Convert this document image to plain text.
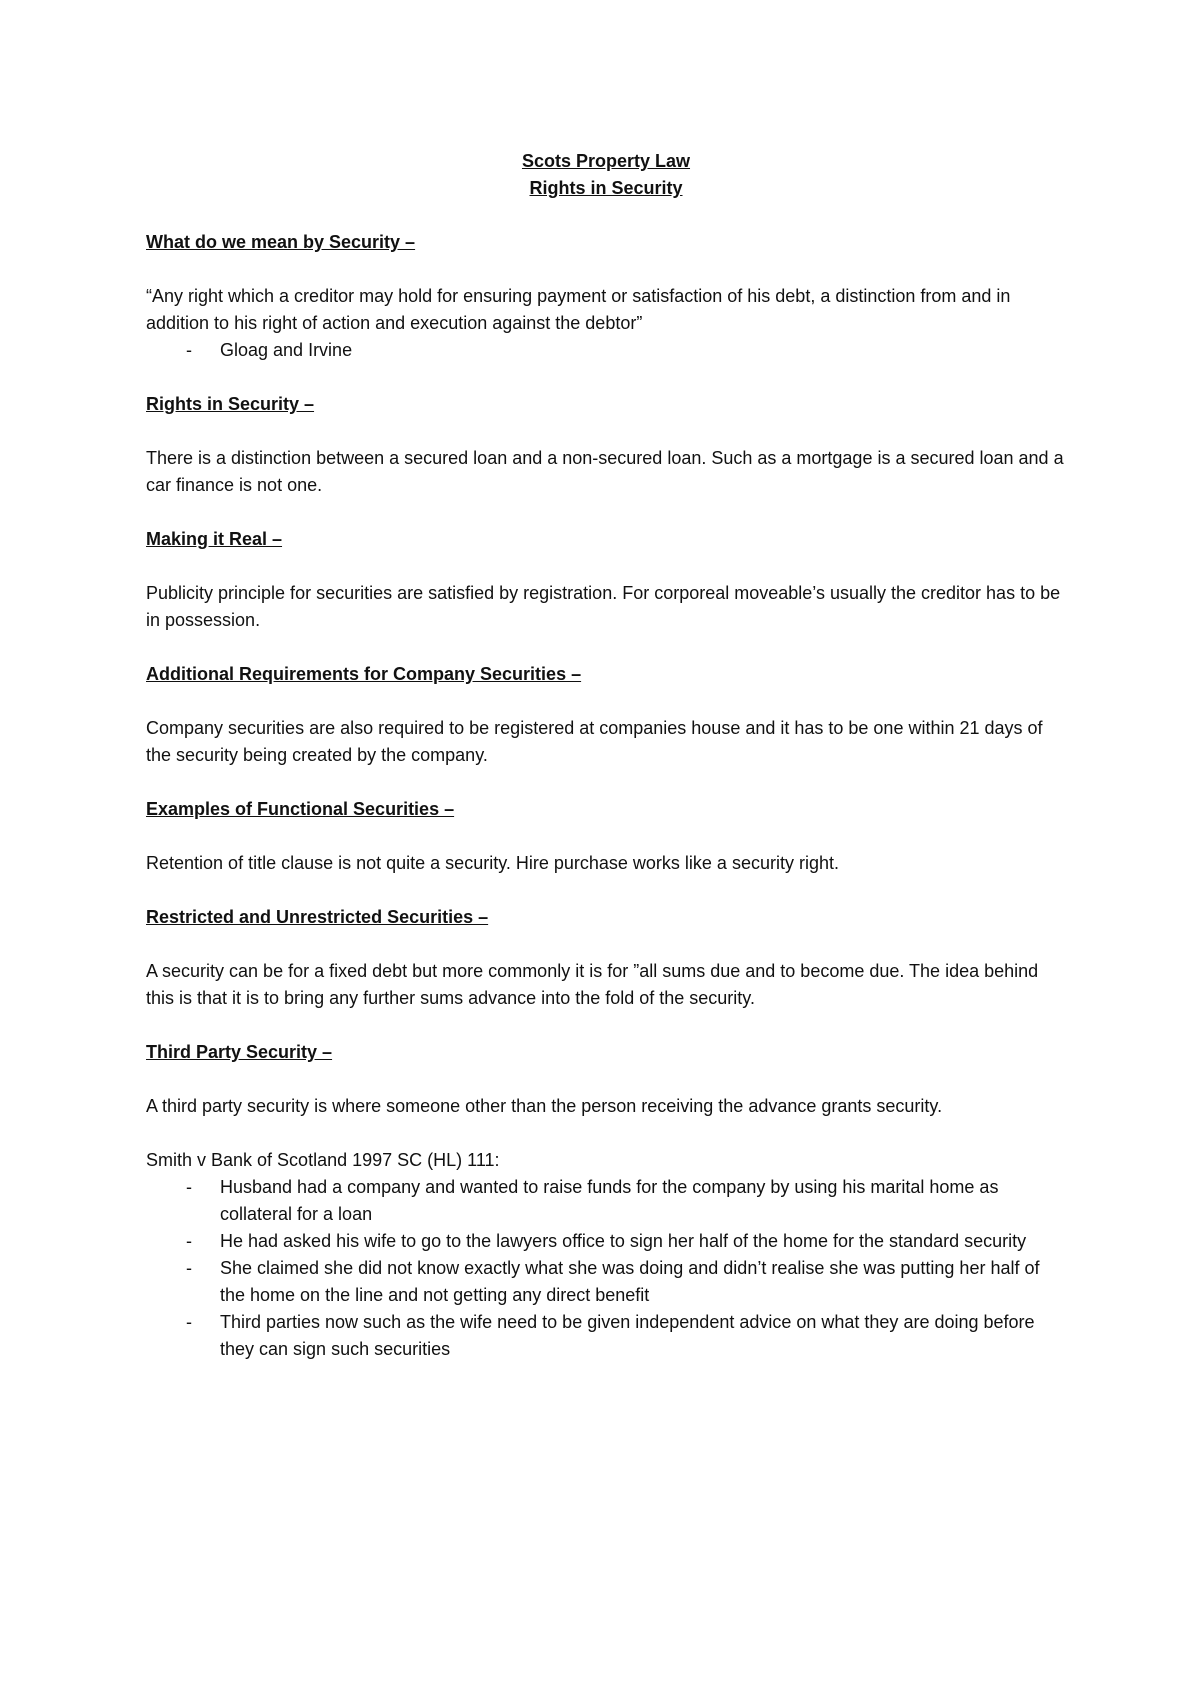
Scots Property Law
Rights in Security
What do we mean by Security –
“Any right which a creditor may hold for ensuring payment or satisfaction of his debt, a distinction from and in addition to his right of action and execution against the debtor”
- Gloag and Irvine
Rights in Security –
There is a distinction between a secured loan and a non-secured loan. Such as a mortgage is a secured loan and a car finance is not one.
Making it Real –
Publicity principle for securities are satisfied by registration. For corporeal moveable’s usually the creditor has to be in possession.
Additional Requirements for Company Securities –
Company securities are also required to be registered at companies house and it has to be one within 21 days of the security being created by the company.
Examples of Functional Securities –
Retention of title clause is not quite a security. Hire purchase works like a security right.
Restricted and Unrestricted Securities –
A security can be for a fixed debt but more commonly it is for ”all sums due and to become due. The idea behind this is that it is to bring any further sums advance into the fold of the security.
Third Party Security –
A third party security is where someone other than the person receiving the advance grants security.
Smith v Bank of Scotland 1997 SC (HL) 111:
- Husband had a company and wanted to raise funds for the company by using his marital home as collateral for a loan
- He had asked his wife to go to the lawyers office to sign her half of the home for the standard security
- She claimed she did not know exactly what she was doing and didn’t realise she was putting her half of the home on the line and not getting any direct benefit
- Third parties now such as the wife need to be given independent advice on what they are doing before they can sign such securities
